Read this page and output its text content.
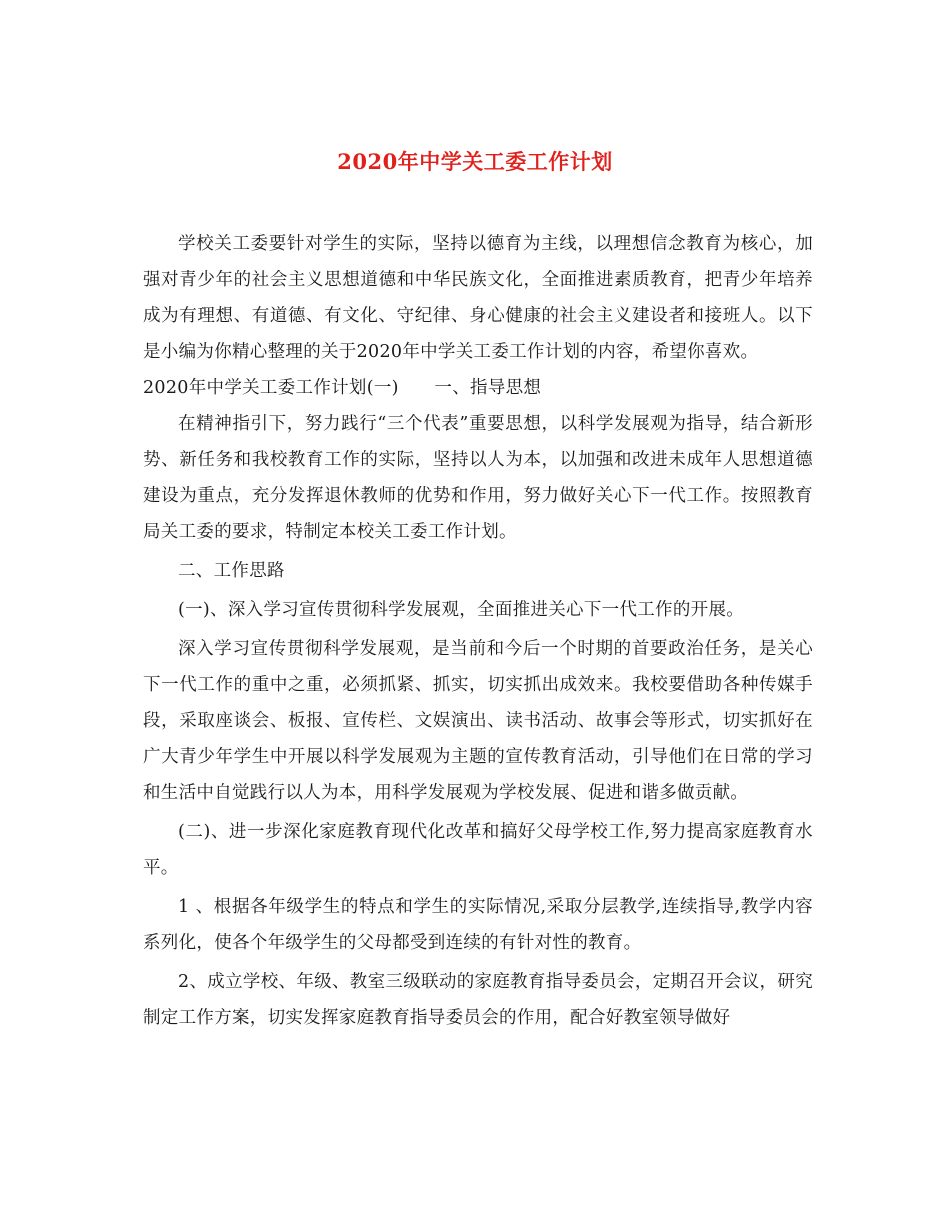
2020年中学关工委工作计划

学校关工委要针对学生的实际，坚持以德育为主线，以理想信念教育为核心，加强对青少年的社会主义思想道德和中华民族文化，全面推进素质教育，把青少年培养成为有理想、有道德、有文化、守纪律、身心健康的社会主义建设者和接班人。以下是小编为你精心整理的关于2020年中学关工委工作计划的内容，希望你喜欢。

2020年中学关工委工作计划(一)　　一、指导思想

在精神指引下，努力践行“三个代表”重要思想，以科学发展观为指导，结合新形势、新任务和我校教育工作的实际，坚持以人为本，以加强和改进未成年人思想道德建设为重点，充分发挥退休教师的优势和作用，努力做好关心下一代工作。按照教育局关工委的要求，特制定本校关工委工作计划。

二、工作思路

(一)、深入学习宣传贯彻科学发展观，全面推进关心下一代工作的开展。

深入学习宣传贯彻科学发展观，是当前和今后一个时期的首要政治任务，是关心下一代工作的重中之重，必须抓紧、抓实，切实抓出成效来。我校要借助各种传媒手段，采取座谈会、板报、宣传栏、文娱演出、读书活动、故事会等形式，切实抓好在广大青少年学生中开展以科学发展观为主题的宣传教育活动，引导他们在日常的学习和生活中自觉践行以人为本，用科学发展观为学校发展、促进和谐多做贡献。

(二)、进一步深化家庭教育现代化改革和搞好父母学校工作,努力提高家庭教育水平。

1 、根据各年级学生的特点和学生的实际情况,采取分层教学,连续指导,教学内容系列化，使各个年级学生的父母都受到连续的有针对性的教育。

2、成立学校、年级、教室三级联动的家庭教育指导委员会，定期召开会议，研究制定工作方案，切实发挥家庭教育指导委员会的作用，配合好教室领导做好
